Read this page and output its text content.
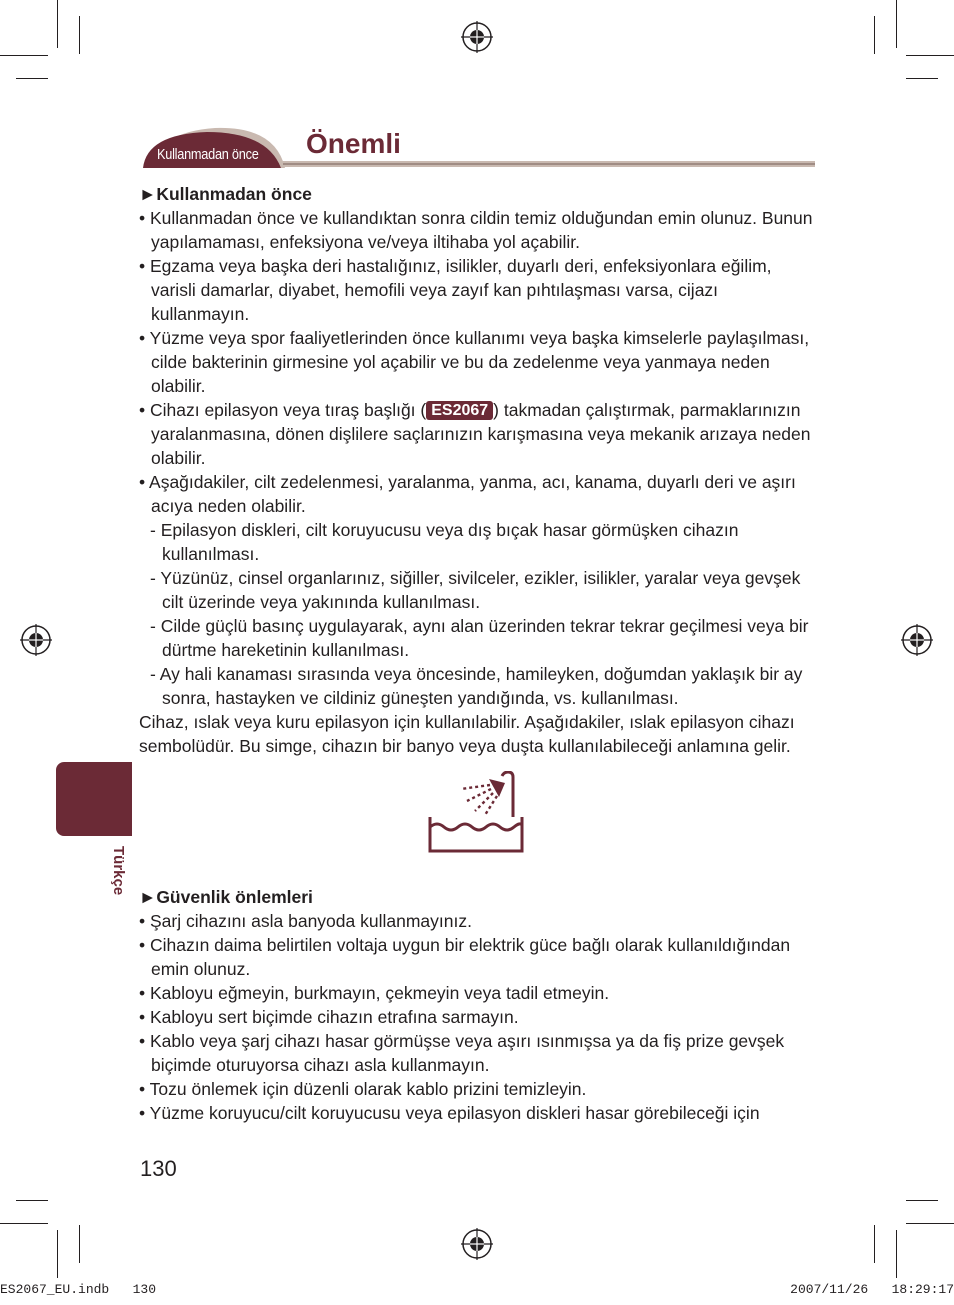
Kullanmadan önce Önemli

►Kullanmadan önce

• Kullanmadan önce ve kullandıktan sonra cildin temiz olduğundan emin olunuz. Bunun yapılamaması, enfeksiyona ve/veya iltihaba yol açabilir.

• Egzama veya başka deri hastalığınız, isilikler, duyarlı deri, enfeksiyonlara eğilim, varisli damarlar, diyabet, hemofili veya zayıf kan pıhtılaşması varsa, cijazı kullanmayın.

• Yüzme veya spor faaliyetlerinden önce kullanımı veya başka kimselerle paylaşılması, cilde bakterinin girmesine yol açabilir ve bu da zedelenme veya yanmaya neden olabilir.

• Cihazı epilasyon veya tıraş başlığı ( ES2067 ) takmadan çalıştırmak, parmaklarınızın yaralanmasına, dönen dişlilere saçlarınızın karışmasına veya mekanik arızaya neden olabilir.

• Aşağıdakiler, cilt zedelenmesi, yaralanma, yanma, acı, kanama, duyarlı deri ve aşırı acıya neden olabilir.

- Epilasyon diskleri, cilt koruyucusu veya dış bıçak hasar görmüşken cihazın kullanılması.

- Yüzünüz, cinsel organlarınız, siğiller, sivilceler, ezikler, isilikler, yaralar veya gevşek cilt üzerinde veya yakınında kullanılması.

- Cilde güçlü basınç uygulayarak, aynı alan üzerinden tekrar tekrar geçilmesi veya bir dürtme hareketinin kullanılması.

- Ay hali kanaması sırasında veya öncesinde, hamileyken, doğumdan yaklaşık bir ay sonra, hastayken ve cildiniz güneşten yandığında, vs. kullanılması.

Cihaz, ıslak veya kuru epilasyon için kullanılabilir. Aşağıdakiler, ıslak epilasyon cihazı sembolüdür. Bu simge, cihazın bir banyo veya duşta kullanılabileceği anlamına gelir.

►Güvenlik önlemleri

• Şarj cihazını asla banyoda kullanmayınız.

• Cihazın daima belirtilen voltaja uygun bir elektrik güce bağlı olarak kullanıldığından emin olunuz.

• Kabloyu eğmeyin, burkmayın, çekmeyin veya tadil etmeyin.

• Kabloyu sert biçimde cihazın etrafına sarmayın.

• Kablo veya şarj cihazı hasar görmüşse veya aşırı ısınmışsa ya da fiş prize gevşek biçimde oturuyorsa cihazı asla kullanmayın.

• Tozu önlemek için düzenli olarak kablo prizini temizleyin.

• Yüzme koruyucu/cilt koruyucusu veya epilasyon diskleri hasar görebileceği için

Türkçe
130
ES2067_EU.indb   130	2007/11/26   18:29:17
